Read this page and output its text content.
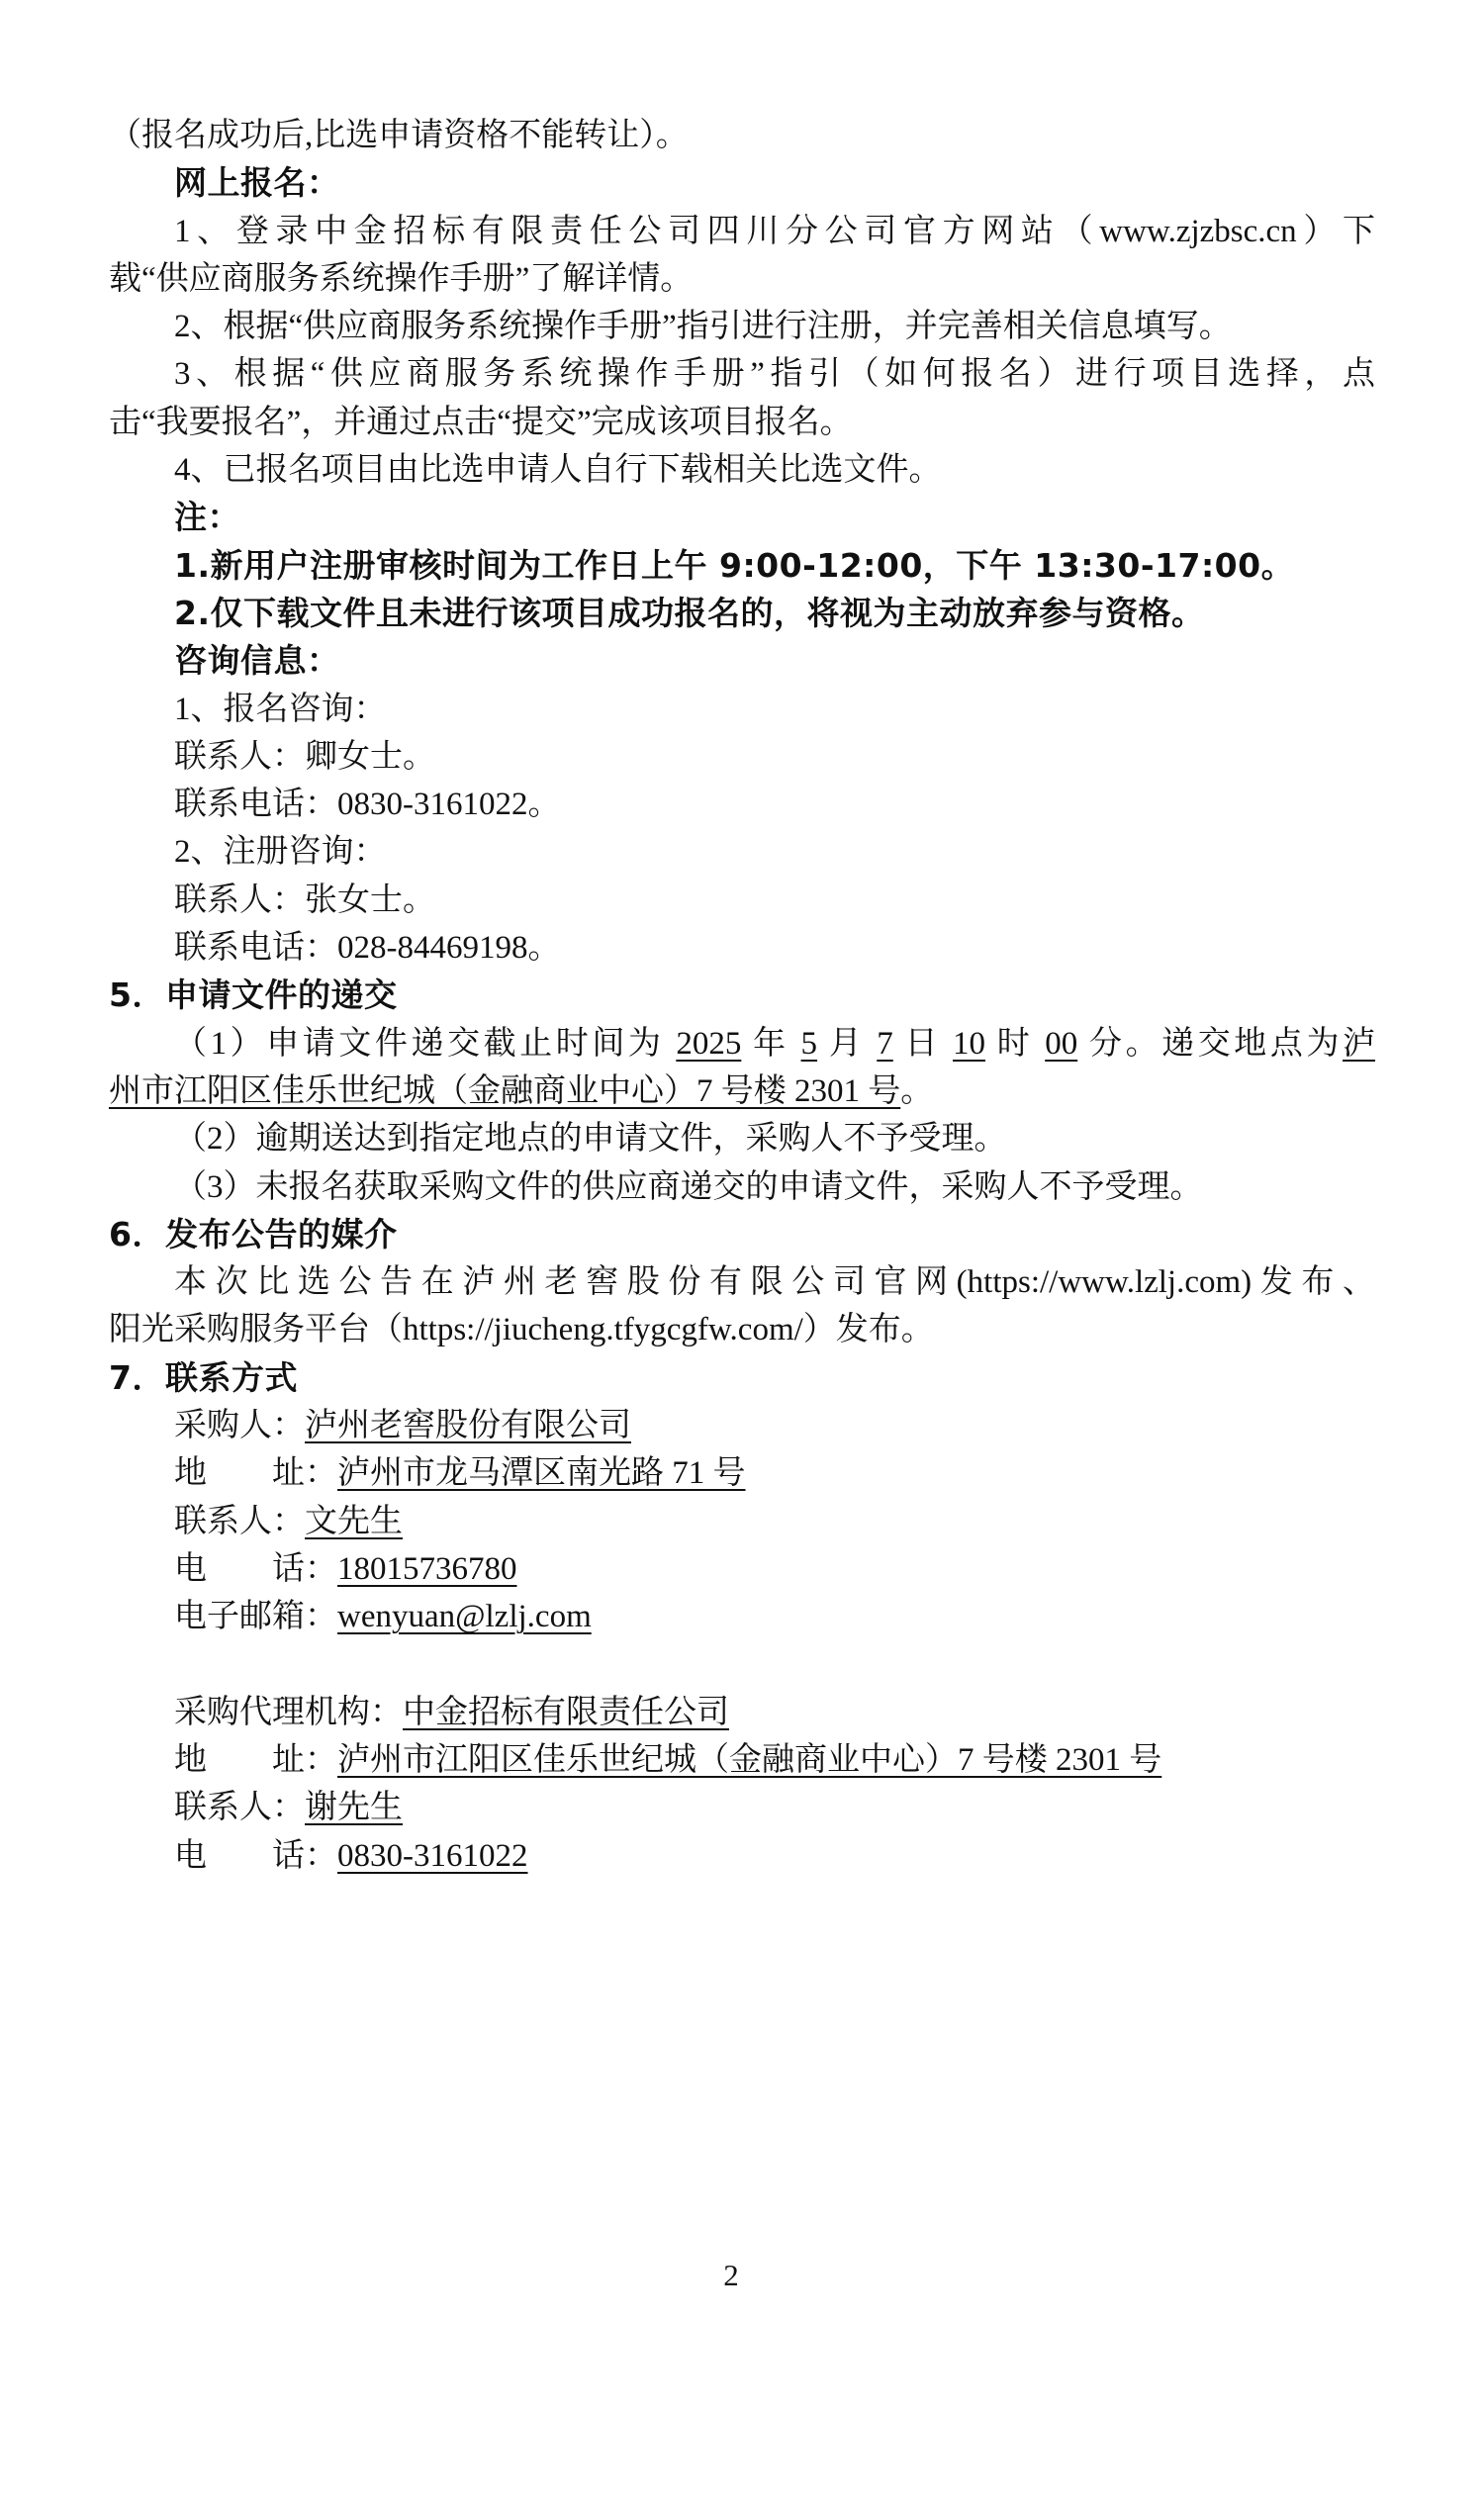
（报名成功后,比选申请资格不能转让）。
网上报名：
1、登录中金招标有限责任公司四川分公司官方网站（www.zjzbsc.cn）下
载“供应商服务系统操作手册”了解详情。
2、根据“供应商服务系统操作手册”指引进行注册，并完善相关信息填写。
3、根据“供应商服务系统操作手册”指引（如何报名）进行项目选择，点
击“我要报名”，并通过点击“提交”完成该项目报名。
4、已报名项目由比选申请人自行下载相关比选文件。
注：
1.新用户注册审核时间为工作日上午 9:00-12:00，下午 13:30-17:00。
2.仅下载文件且未进行该项目成功报名的，将视为主动放弃参与资格。
咨询信息：
1、报名咨询：
联系人：卿女士。
联系电话：0830-3161022。
2、注册咨询：
联系人：张女士。
联系电话：028-84469198。
5．申请文件的递交
（1）申请文件递交截止时间为 2025 年 5 月 7 日 10 时 00 分。递交地点为泸
州市江阳区佳乐世纪城（金融商业中心）7 号楼 2301 号。
（2）逾期送达到指定地点的申请文件，采购人不予受理。
（3）未报名获取采购文件的供应商递交的申请文件，采购人不予受理。
6．发布公告的媒介
本次比选公告在泸州老窖股份有限公司官网(https://www.lzlj.com)发布、
阳光采购服务平台（https://jiucheng.tfygcgfw.com/）发布。
7．联系方式
采购人：泸州老窖股份有限公司
地　　址：泸州市龙马潭区南光路 71 号
联系人：文先生
电　　话：18015736780
电子邮箱：wenyuan@lzlj.com
采购代理机构：中金招标有限责任公司
地　　址：泸州市江阳区佳乐世纪城（金融商业中心）7 号楼 2301 号
联系人：谢先生
电　　话：0830-3161022
2
